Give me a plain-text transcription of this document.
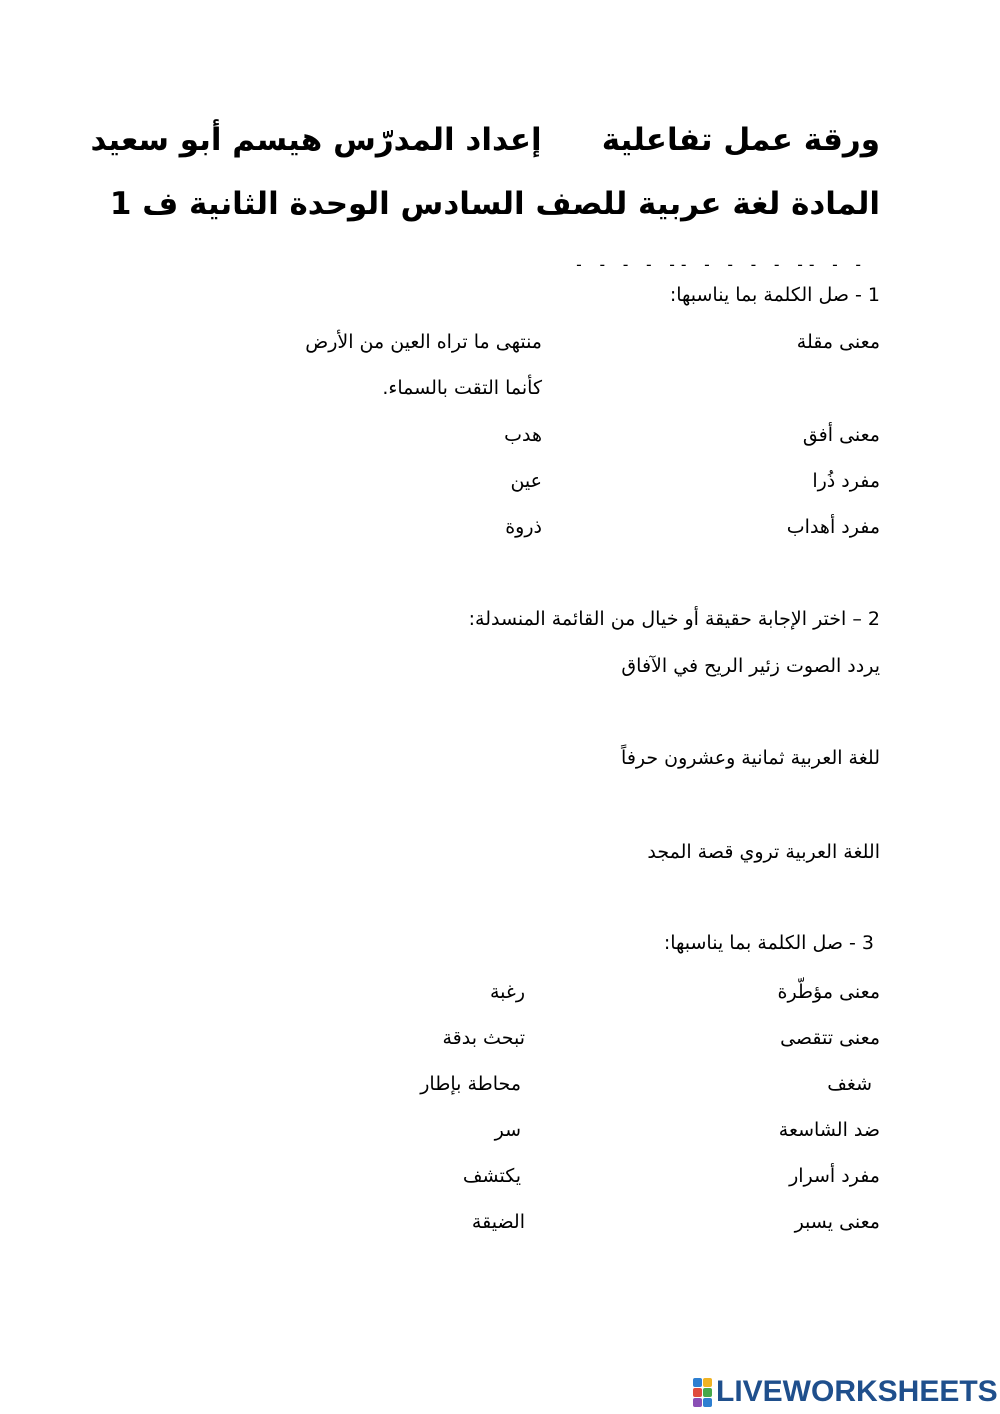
ورقة عمل تفاعليةإعداد المدرّس هيسم أبو سعيد
المادة لغة عربية للصف السادس الوحدة الثانية ف 1
- - - - -- - - - - -- - -
1 - صل الكلمة بما يناسبها:
معنى مقلة
منتهى ما تراه العين من الأرض
كأنما التقت بالسماء.
معنى أفق
هدب
مفرد ذُرا
عين
مفرد أهداب
ذروة
2 – اختر الإجابة حقيقة أو خيال من القائمة المنسدلة:
يردد الصوت زئير الريح في الآفاق
للغة العربية ثمانية وعشرون حرفاً
اللغة العربية تروي قصة المجد
3 - صل الكلمة بما يناسبها:
معنى مؤطّرة
رغبة
معنى تتقصى
تبحث بدقة
شغف
محاطة بإطار
ضد الشاسعة
سر
مفرد أسرار
يكتشف
معنى يسبر
الضيقة
LIVEWORKSHEETS
